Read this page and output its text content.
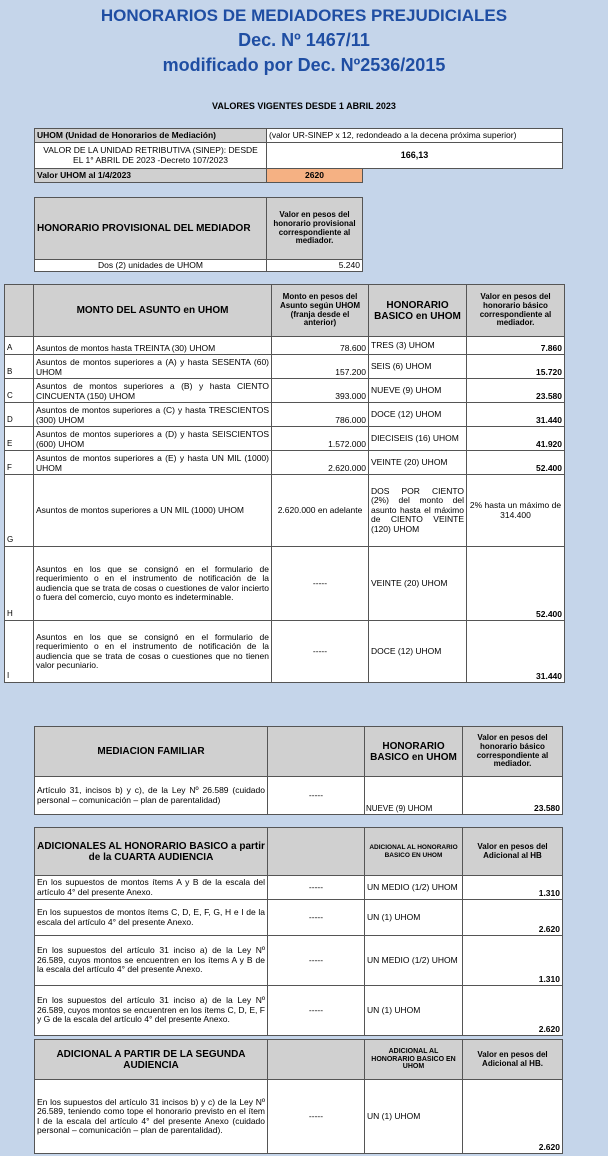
HONORARIOS DE MEDIADORES PREJUDICIALES
Dec. Nº 1467/11
modificado por Dec. Nº2536/2015
VALORES VIGENTES DESDE 1 ABRIL 2023
UHOM (Unidad de Honorarios de Mediación)	(valor UR-SINEP x 12, redondeado a la decena próxima superior)	
VALOR DE LA UNIDAD RETRIBUTIVA (SINEP): DESDE EL 1° ABRIL DE 2023 -Decreto 107/2023	166,13	
Valor UHOM al 1/4/2023	2620	
HONORARIO PROVISIONAL DEL MEDIADOR	Valor en pesos del honorario provisional correspondiente al mediador.
Dos (2) unidades de UHOM	5.240
	MONTO DEL ASUNTO en UHOM	Monto en pesos del Asunto según UHOM (franja desde el anterior)	HONORARIO BASICO en UHOM	Valor en pesos del honorario básico correspondiente al mediador.
A	Asuntos de montos hasta TREINTA (30) UHOM	78.600	TRES (3) UHOM	7.860
B	Asuntos de montos superiores a (A) y hasta SESENTA (60) UHOM	157.200	SEIS (6) UHOM	15.720
C	Asuntos de montos superiores a (B) y hasta CIENTO CINCUENTA (150) UHOM	393.000	NUEVE (9) UHOM	23.580
D	Asuntos de montos superiores a (C) y hasta TRESCIENTOS (300) UHOM	786.000	DOCE (12) UHOM	31.440
E	Asuntos de montos superiores a (D) y hasta SEISCIENTOS (600) UHOM	1.572.000	DIECISEIS (16) UHOM	41.920
F	Asuntos de montos superiores a (E) y hasta UN MIL (1000) UHOM	2.620.000	VEINTE (20) UHOM	52.400
G	Asuntos de montos superiores a UN MIL (1000) UHOM	2.620.000 en adelante	DOS POR CIENTO (2%) del monto del asunto hasta el máximo de CIENTO VEINTE (120) UHOM	2% hasta un máximo de 314.400
H	Asuntos en los que se consignó en el formulario de requerimiento o en el instrumento de notificación de la audiencia que se trata de cosas o cuestiones de valor incierto o fuera del comercio, cuyo monto es indeterminable.	-----	VEINTE (20) UHOM	52.400
I	Asuntos en los que se consignó en el formulario de requerimiento o en el instrumento de notificación de la audiencia que se trata de cosas o cuestiones que no tienen valor pecuniario.	-----	DOCE (12) UHOM	31.440
MEDIACION FAMILIAR		HONORARIO BASICO en UHOM	Valor en pesos del honorario básico correspondiente al mediador.
Artículo 31, incisos b) y c), de la Ley Nº 26.589 (cuidado personal – comunicación – plan de parentalidad)	-----	NUEVE (9) UHOM	23.580
ADICIONALES AL HONORARIO BASICO a partir de la CUARTA AUDIENCIA		ADICIONAL AL HONORARIO BASICO EN UHOM	Valor en pesos del Adicional al HB
En los supuestos de montos ítems A y B de la escala del artículo 4° del presente Anexo.	-----	UN MEDIO (1/2) UHOM	1.310
En los supuestos de montos ítems C, D, E, F, G, H e I de la escala del artículo 4° del presente Anexo.	-----	UN (1) UHOM	2.620
En los supuestos del artículo 31 inciso a) de la Ley Nº 26.589, cuyos montos se encuentren en los ítems A y B de la escala del artículo 4° del presente Anexo.	-----	UN MEDIO (1/2) UHOM	1.310
En los supuestos del artículo 31 inciso a) de la Ley Nº 26.589, cuyos montos se encuentren en los ítems C, D, E, F y G de la escala del artículo 4° del presente Anexo.	-----	UN (1) UHOM	2.620
ADICIONAL A PARTIR DE LA SEGUNDA AUDIENCIA		ADICIONAL AL HONORARIO BASICO EN UHOM	Valor en pesos del Adicional al HB.
En los supuestos del artículo 31 incisos b) y c) de la Ley Nº 26.589, teniendo como tope el honorario previsto en el ítem I de la escala del artículo 4° del presente Anexo (cuidado personal – comunicación – plan de parentalidad).	-----	UN (1) UHOM	2.620
